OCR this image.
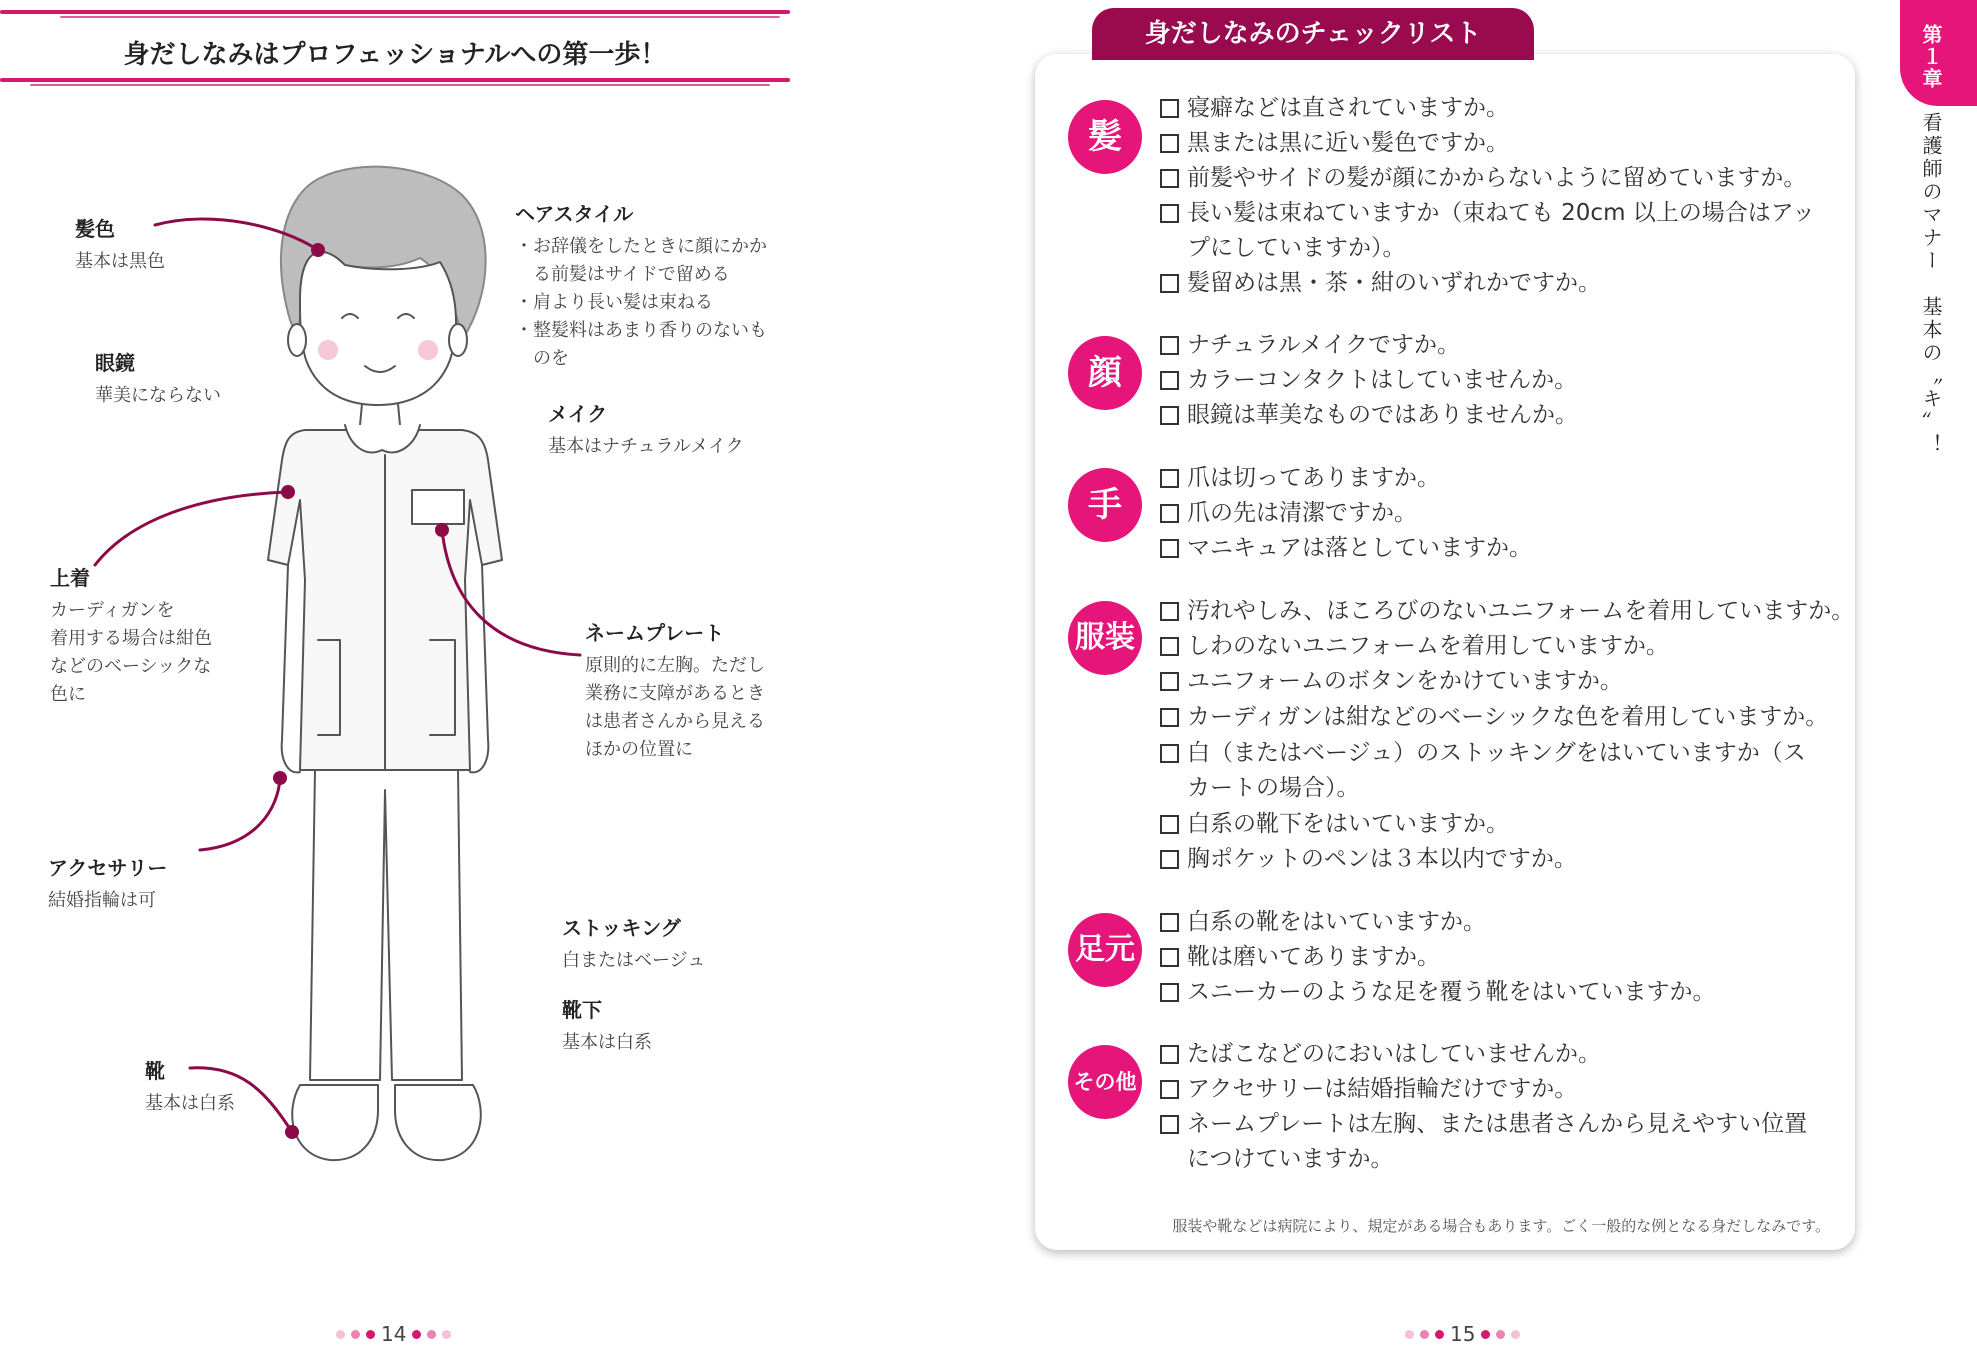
身だしなみはプロフェッショナルへの第一歩！
髪色
基本は黒色
眼鏡
華美にならない
上着
カーディガンを
着用する場合は紺色
などのベーシックな
色に
アクセサリー
結婚指輪は可
靴
基本は白系
ヘアスタイル
・お辞儀をしたときに顔にかか
る前髪はサイドで留める
・肩より長い髪は束ねる
・整髪料はあまり香りのないも
のを
メイク
基本はナチュラルメイク
ネームプレート
原則的に左胸。ただし
業務に支障があるとき
は患者さんから見える
ほかの位置に
ストッキング
白またはベージュ
靴下
基本は白系
14
身だしなみのチェックリスト
髪
寝癖などは直されていますか。
黒または黒に近い髪色ですか。
前髪やサイドの髪が顔にかからないように留めていますか。
長い髪は束ねていますか（束ねても 20cm 以上の場合はアッ
プにしていますか）。
髪留めは黒・茶・紺のいずれかですか。
顔
ナチュラルメイクですか。
カラーコンタクトはしていませんか。
眼鏡は華美なものではありませんか。
手
爪は切ってありますか。
爪の先は清潔ですか。
マニキュアは落としていますか。
服装
汚れやしみ、ほころびのないユニフォームを着用していますか。
しわのないユニフォームを着用していますか。
ユニフォームのボタンをかけていますか。
カーディガンは紺などのベーシックな色を着用していますか。
白（またはベージュ）のストッキングをはいていますか（ス
カートの場合）。
白系の靴下をはいていますか。
胸ポケットのペンは３本以内ですか。
足元
白系の靴をはいていますか。
靴は磨いてありますか。
スニーカーのような足を覆う靴をはいていますか。
その他
たばこなどのにおいはしていませんか。
アクセサリーは結婚指輪だけですか。
ネームプレートは左胸、または患者さんから見えやすい位置
につけていますか。
服装や靴などは病院により、規定がある場合もあります。ごく一般的な例となる身だしなみです。
第１章
看護師のマナー　基本の〝キ〟！
15
